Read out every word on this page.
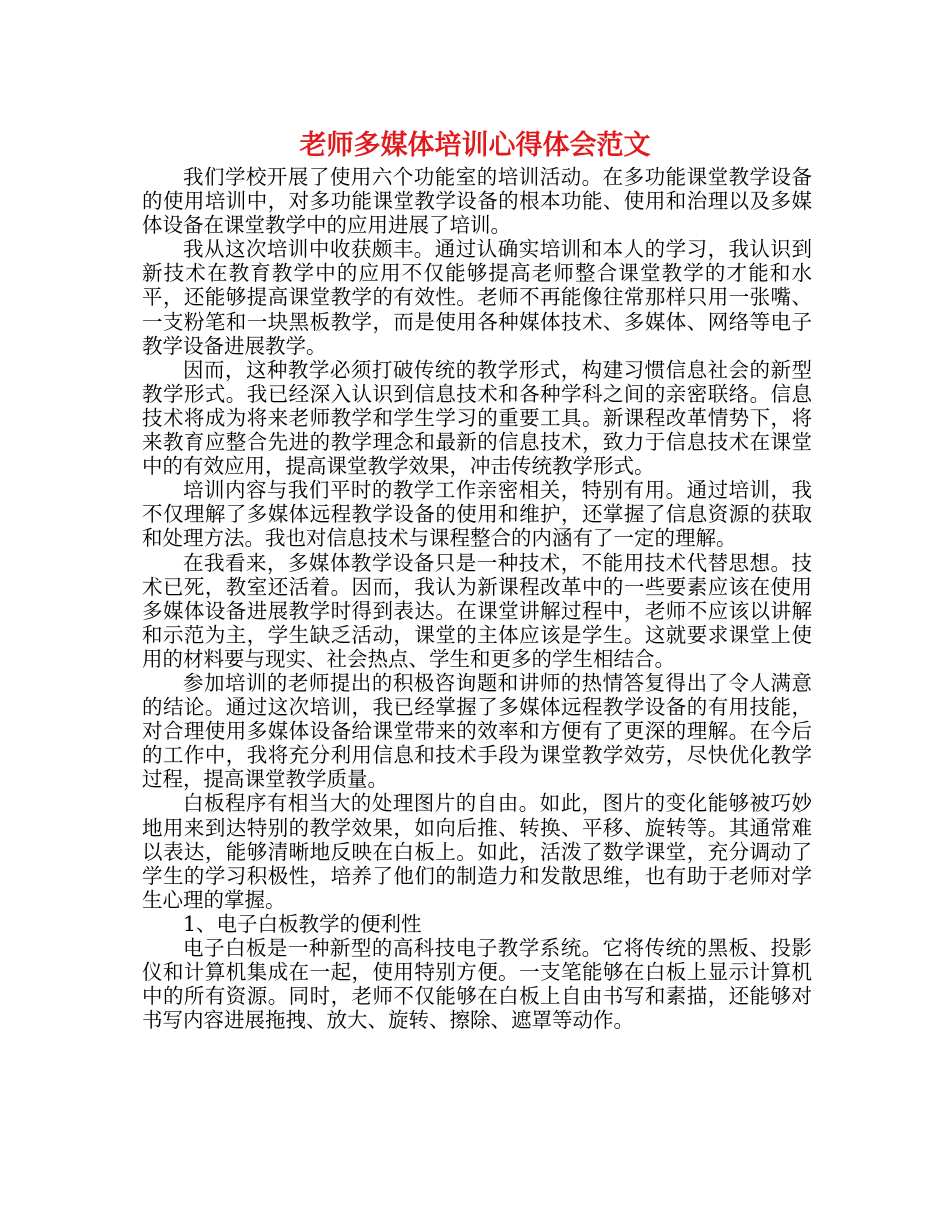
老师多媒体培训心得体会范文

我们学校开展了使用六个功能室的培训活动。在多功能课堂教学设备的使用培训中，对多功能课堂教学设备的根本功能、使用和治理以及多媒体设备在课堂教学中的应用进展了培训。

我从这次培训中收获颇丰。通过认确实培训和本人的学习，我认识到新技术在教育教学中的应用不仅能够提高老师整合课堂教学的才能和水平，还能够提高课堂教学的有效性。老师不再能像往常那样只用一张嘴、一支粉笔和一块黑板教学，而是使用各种媒体技术、多媒体、网络等电子教学设备进展教学。

因而，这种教学必须打破传统的教学形式，构建习惯信息社会的新型教学形式。我已经深入认识到信息技术和各种学科之间的亲密联络。信息技术将成为将来老师教学和学生学习的重要工具。新课程改革情势下，将来教育应整合先进的教学理念和最新的信息技术，致力于信息技术在课堂中的有效应用，提高课堂教学效果，冲击传统教学形式。

培训内容与我们平时的教学工作亲密相关，特别有用。通过培训，我不仅理解了多媒体远程教学设备的使用和维护，还掌握了信息资源的获取和处理方法。我也对信息技术与课程整合的内涵有了一定的理解。

在我看来，多媒体教学设备只是一种技术，不能用技术代替思想。技术已死，教室还活着。因而，我认为新课程改革中的一些要素应该在使用多媒体设备进展教学时得到表达。在课堂讲解过程中，老师不应该以讲解和示范为主，学生缺乏活动，课堂的主体应该是学生。这就要求课堂上使用的材料要与现实、社会热点、学生和更多的学生相结合。

参加培训的老师提出的积极咨询题和讲师的热情答复得出了令人满意的结论。通过这次培训，我已经掌握了多媒体远程教学设备的有用技能，对合理使用多媒体设备给课堂带来的效率和方便有了更深的理解。在今后的工作中，我将充分利用信息和技术手段为课堂教学效劳，尽快优化教学过程，提高课堂教学质量。

白板程序有相当大的处理图片的自由。如此，图片的变化能够被巧妙地用来到达特别的教学效果，如向后推、转换、平移、旋转等。其通常难以表达，能够清晰地反映在白板上。如此，活泼了数学课堂，充分调动了学生的学习积极性，培养了他们的制造力和发散思维，也有助于老师对学生心理的掌握。

1、电子白板教学的便利性

电子白板是一种新型的高科技电子教学系统。它将传统的黑板、投影仪和计算机集成在一起，使用特别方便。一支笔能够在白板上显示计算机中的所有资源。同时，老师不仅能够在白板上自由书写和素描，还能够对书写内容进展拖拽、放大、旋转、擦除、遮罩等动作。
